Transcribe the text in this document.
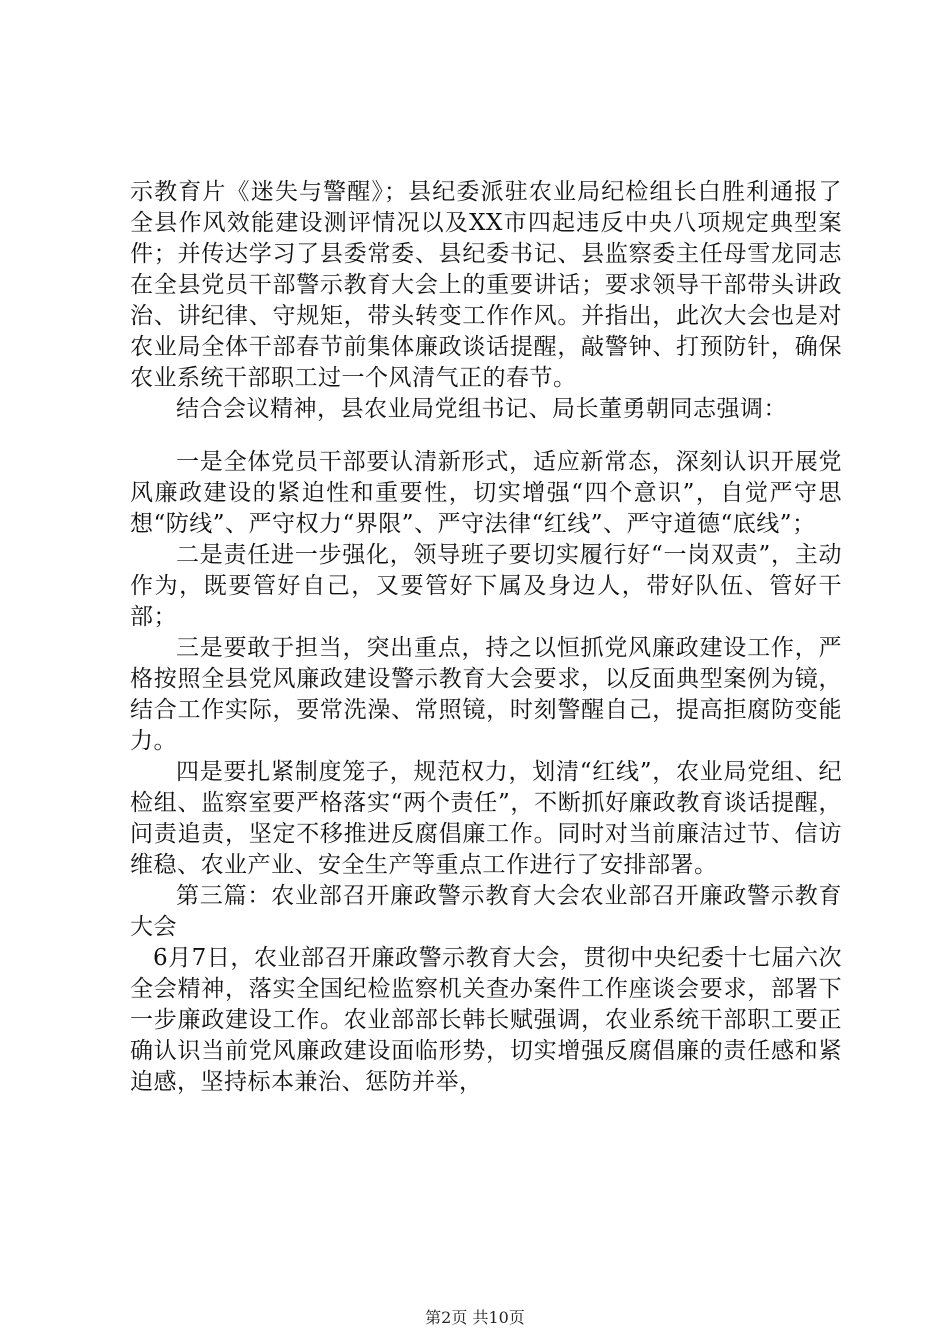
示教育片《迷失与警醒》；县纪委派驻农业局纪检组长白胜利通报了全县作风效能建设测评情况以及XX市四起违反中央八项规定典型案件；并传达学习了县委常委、县纪委书记、县监察委主任母雪龙同志在全县党员干部警示教育大会上的重要讲话；要求领导干部带头讲政治、讲纪律、守规矩，带头转变工作作风。并指出，此次大会也是对农业局全体干部春节前集体廉政谈话提醒，敲警钟、打预防针，确保农业系统干部职工过一个风清气正的春节。

结合会议精神，县农业局党组书记、局长董勇朝同志强调：

一是全体党员干部要认清新形式，适应新常态，深刻认识开展党风廉政建设的紧迫性和重要性，切实增强“四个意识”，自觉严守思想“防线”、严守权力“界限”、严守法律“红线”、严守道德“底线”；

二是责任进一步强化，领导班子要切实履行好“一岗双责”，主动作为，既要管好自己，又要管好下属及身边人，带好队伍、管好干部；

三是要敢于担当，突出重点，持之以恒抓党风廉政建设工作，严格按照全县党风廉政建设警示教育大会要求，以反面典型案例为镜，结合工作实际，要常洗澡、常照镜，时刻警醒自己，提高拒腐防变能力。

四是要扎紧制度笼子，规范权力，划清“红线”，农业局党组、纪检组、监察室要严格落实“两个责任”，不断抓好廉政教育谈话提醒，问责追责，坚定不移推进反腐倡廉工作。同时对当前廉洁过节、信访维稳、农业产业、安全生产等重点工作进行了安排部署。

第三篇：农业部召开廉政警示教育大会农业部召开廉政警示教育大会

6月7日，农业部召开廉政警示教育大会，贯彻中央纪委十七届六次全会精神，落实全国纪检监察机关查办案件工作座谈会要求，部署下一步廉政建设工作。农业部部长韩长赋强调，农业系统干部职工要正确认识当前党风廉政建设面临形势，切实增强反腐倡廉的责任感和紧迫感，坚持标本兼治、惩防并举，

第2页 共10页
